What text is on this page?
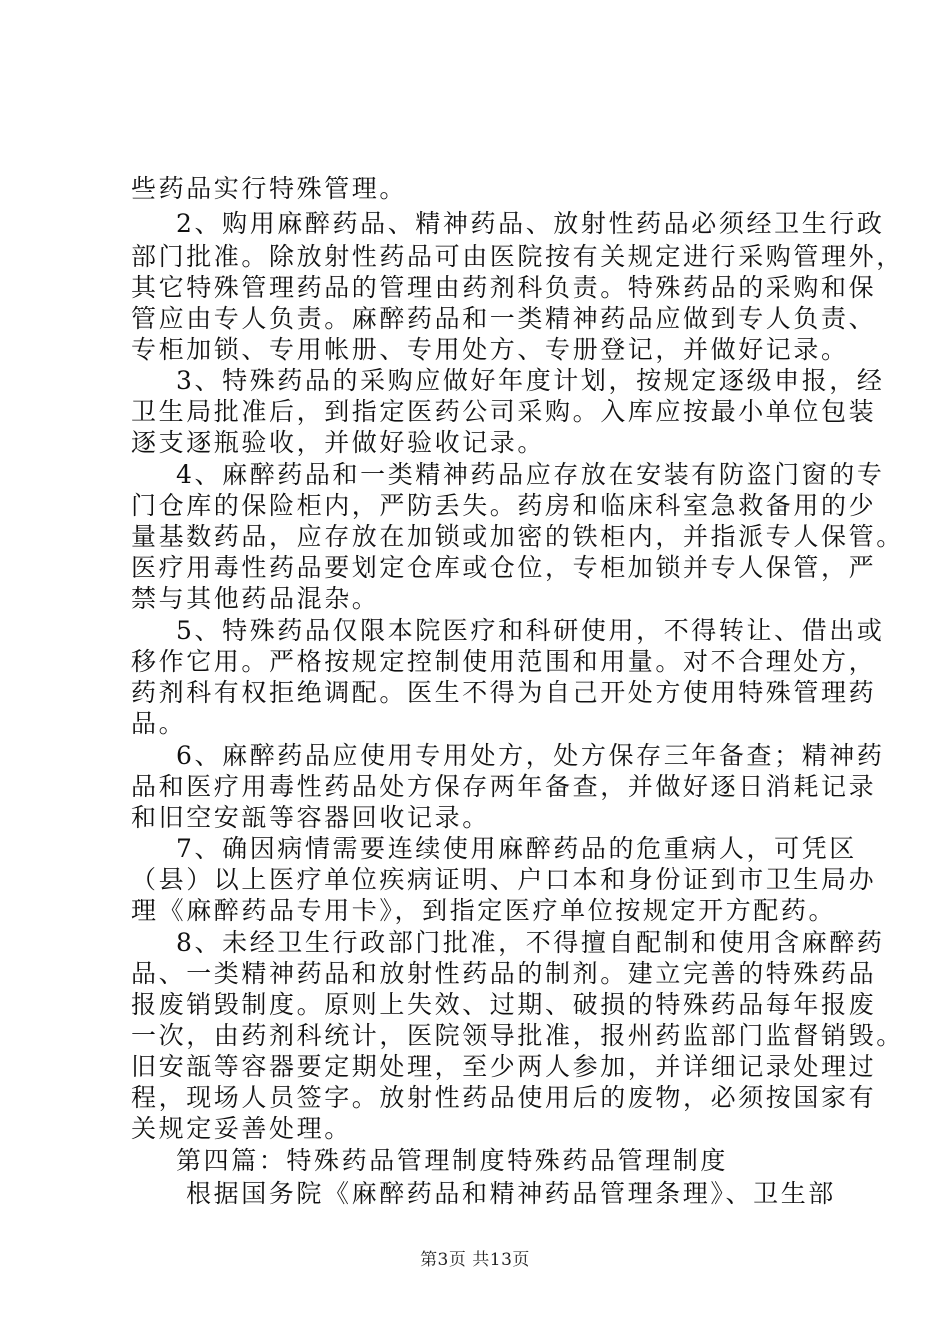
些药品实行特殊管理。
2、购用麻醉药品、精神药品、放射性药品必须经卫生行政
部门批准。除放射性药品可由医院按有关规定进行采购管理外，
其它特殊管理药品的管理由药剂科负责。特殊药品的采购和保
管应由专人负责。麻醉药品和一类精神药品应做到专人负责、
专柜加锁、专用帐册、专用处方、专册登记，并做好记录。
3、特殊药品的采购应做好年度计划，按规定逐级申报，经
卫生局批准后，到指定医药公司采购。入库应按最小单位包装
逐支逐瓶验收，并做好验收记录。
4、麻醉药品和一类精神药品应存放在安装有防盗门窗的专
门仓库的保险柜内，严防丢失。药房和临床科室急救备用的少
量基数药品，应存放在加锁或加密的铁柜内，并指派专人保管。
医疗用毒性药品要划定仓库或仓位，专柜加锁并专人保管，严
禁与其他药品混杂。
5、特殊药品仅限本院医疗和科研使用，不得转让、借出或
移作它用。严格按规定控制使用范围和用量。对不合理处方，
药剂科有权拒绝调配。医生不得为自己开处方使用特殊管理药
品。
6、麻醉药品应使用专用处方，处方保存三年备查；精神药
品和医疗用毒性药品处方保存两年备查，并做好逐日消耗记录
和旧空安瓿等容器回收记录。
7、确因病情需要连续使用麻醉药品的危重病人，可凭区
（县）以上医疗单位疾病证明、户口本和身份证到市卫生局办
理《麻醉药品专用卡》，到指定医疗单位按规定开方配药。
8、未经卫生行政部门批准，不得擅自配制和使用含麻醉药
品、一类精神药品和放射性药品的制剂。建立完善的特殊药品
报废销毁制度。原则上失效、过期、破损的特殊药品每年报废
一次，由药剂科统计，医院领导批准，报州药监部门监督销毁。
旧安瓿等容器要定期处理，至少两人参加，并详细记录处理过
程，现场人员签字。放射性药品使用后的废物，必须按国家有
关规定妥善处理。
第四篇：特殊药品管理制度特殊药品管理制度
根据国务院《麻醉药品和精神药品管理条理》、卫生部
第3页 共13页
